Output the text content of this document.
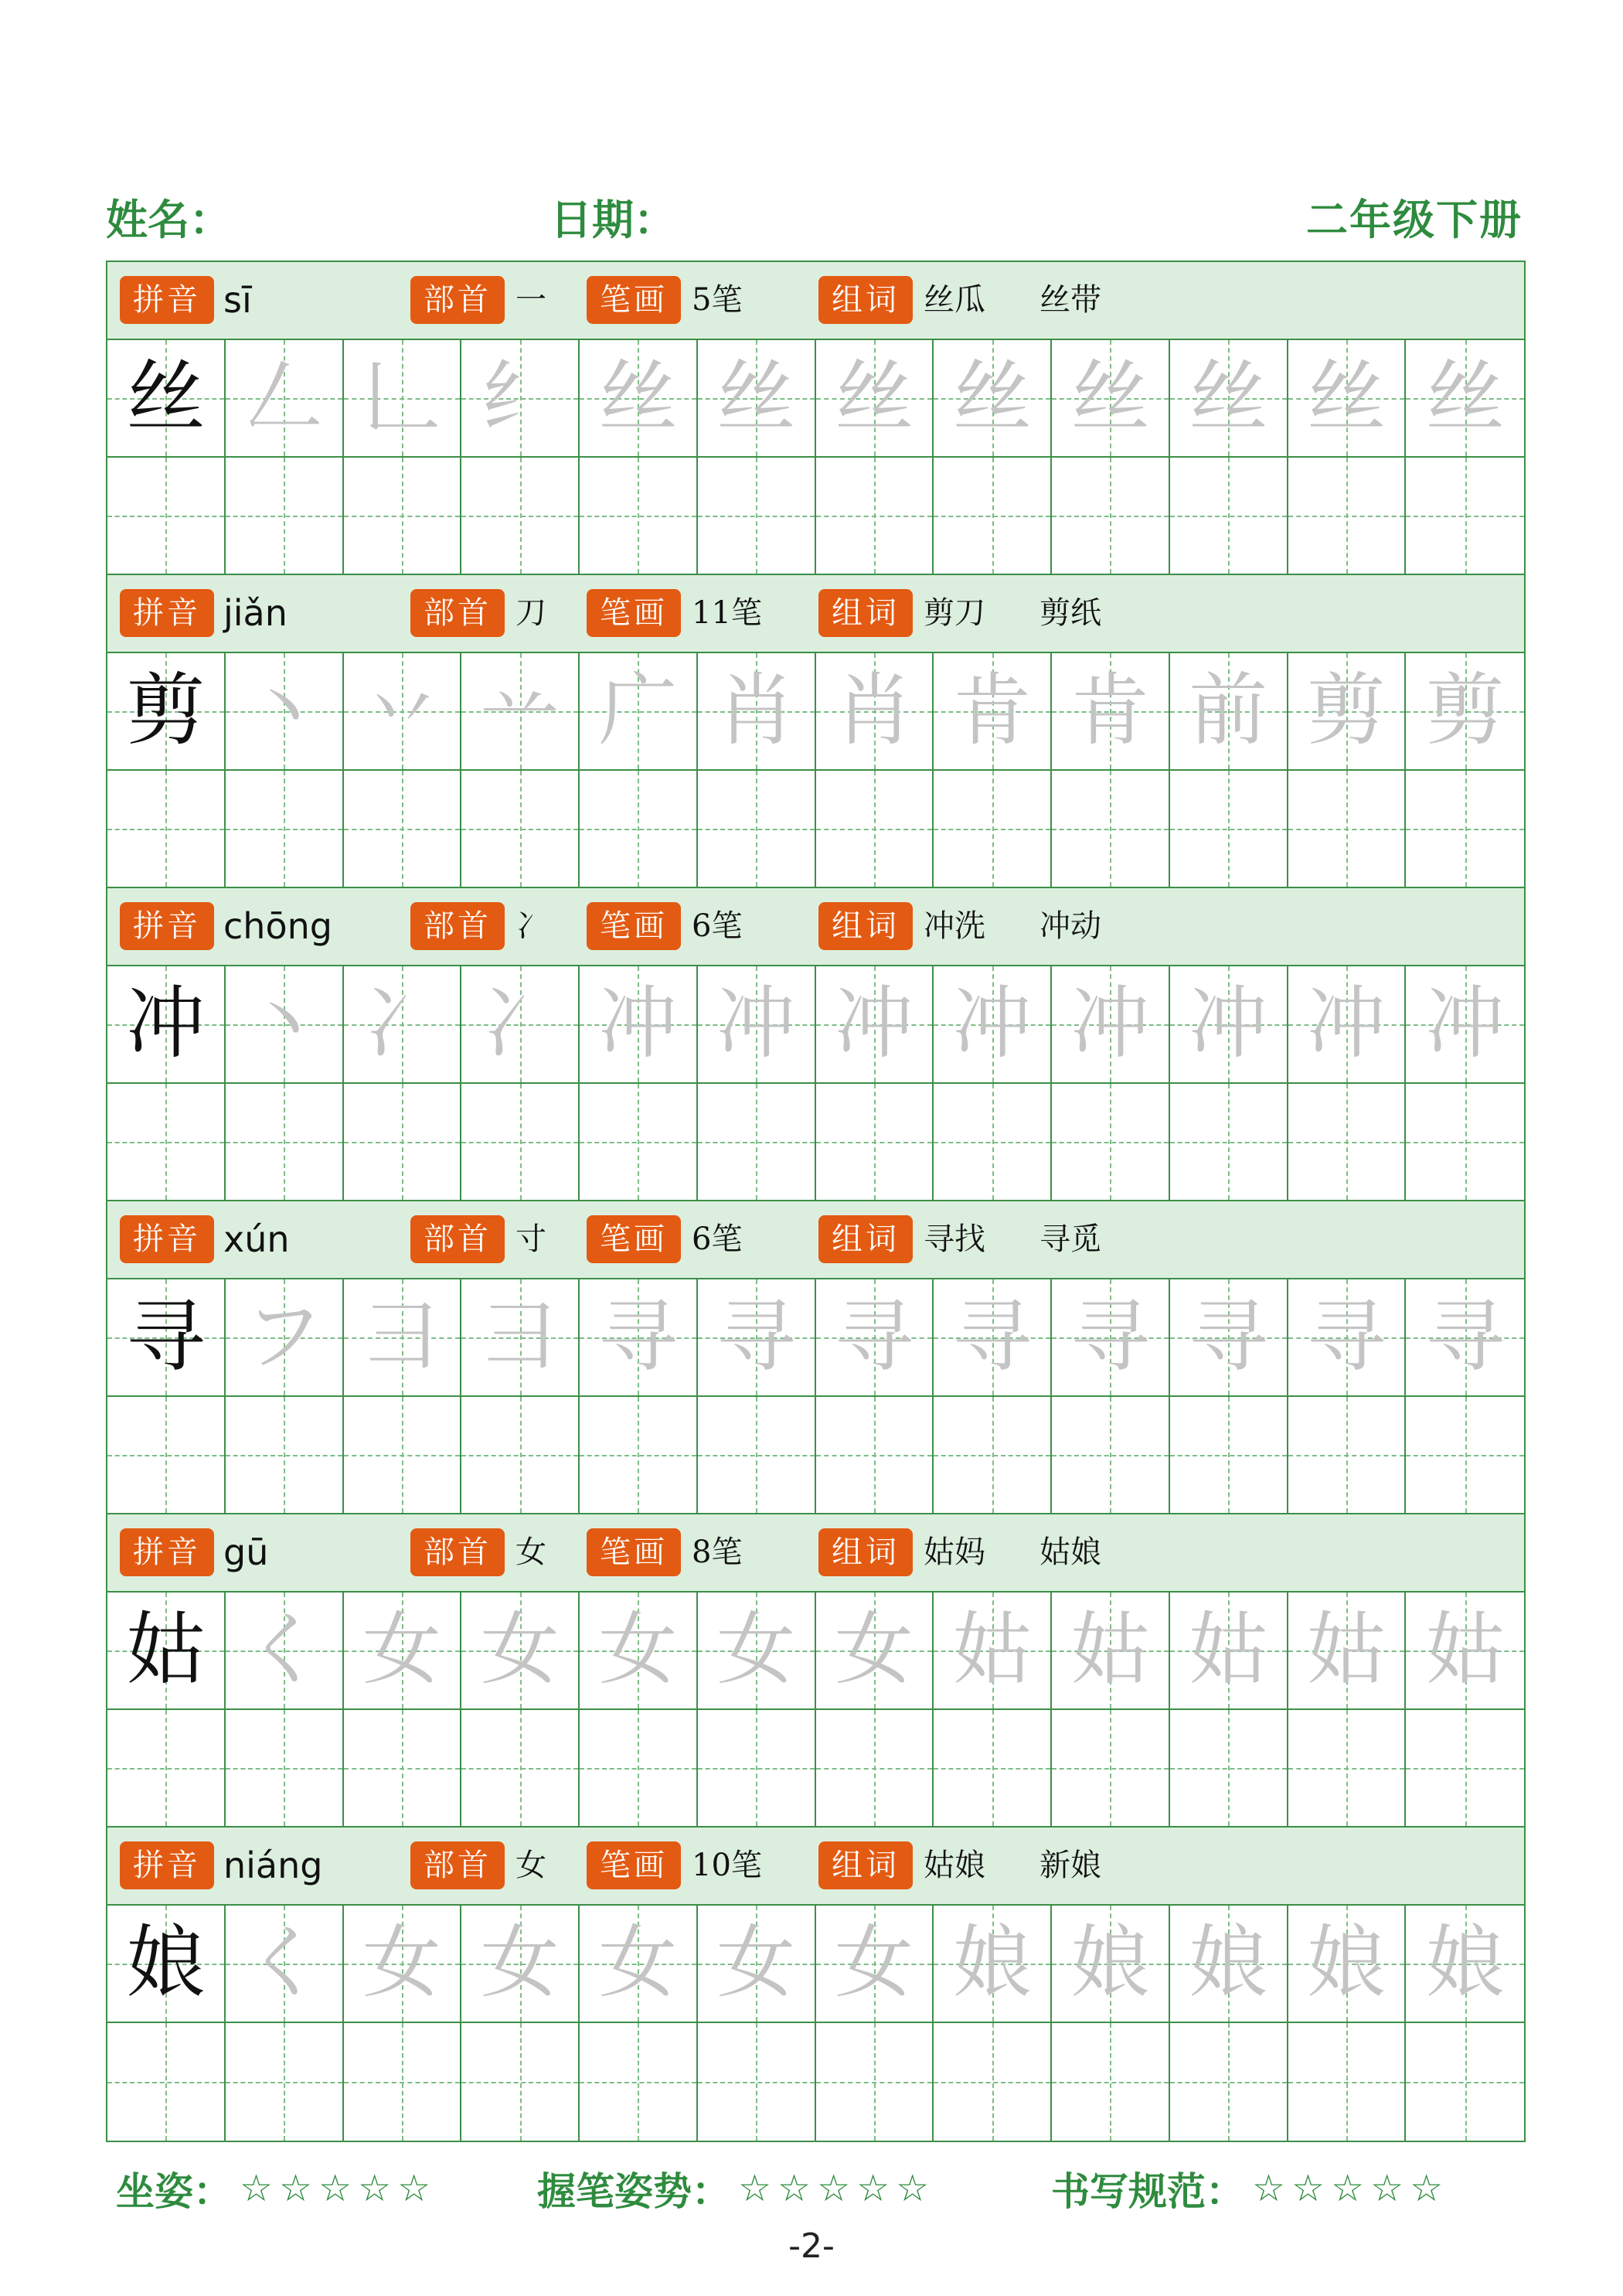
姓名：	日期：	二年级下册
拼音 sī	部首 一	笔画 5笔	组词 丝瓜 丝带
丝 𠃋 𠃊 纟 丝 丝 丝 丝 丝 丝 丝 丝
拼音 jiǎn	部首 刀	笔画 11笔	组词 剪刀 剪纸
剪 丶 丷 䒑 广 肖 肖 肯 肯 前 剪 剪
拼音 chōng	部首 冫	笔画 6笔	组词 冲洗 冲动
冲 丶 冫 冫 冲 冲 冲 冲 冲 冲 冲 冲
拼音 xún	部首 寸	笔画 6笔	组词 寻找 寻觅
寻 フ 彐 彐 寻 寻 寻 寻 寻 寻 寻 寻
拼音 gū	部首 女	笔画 8笔	组词 姑妈 姑娘
姑 く 女 女 女 女 女 姑 姑 姑 姑 姑
拼音 niáng	部首 女	笔画 10笔	组词 姑娘 新娘
娘 く 女 女 女 女 女 娘 娘 娘 娘 娘
坐姿： ☆☆☆☆☆	握笔姿势： ☆☆☆☆☆	书写规范： ☆☆☆☆☆
-2-
